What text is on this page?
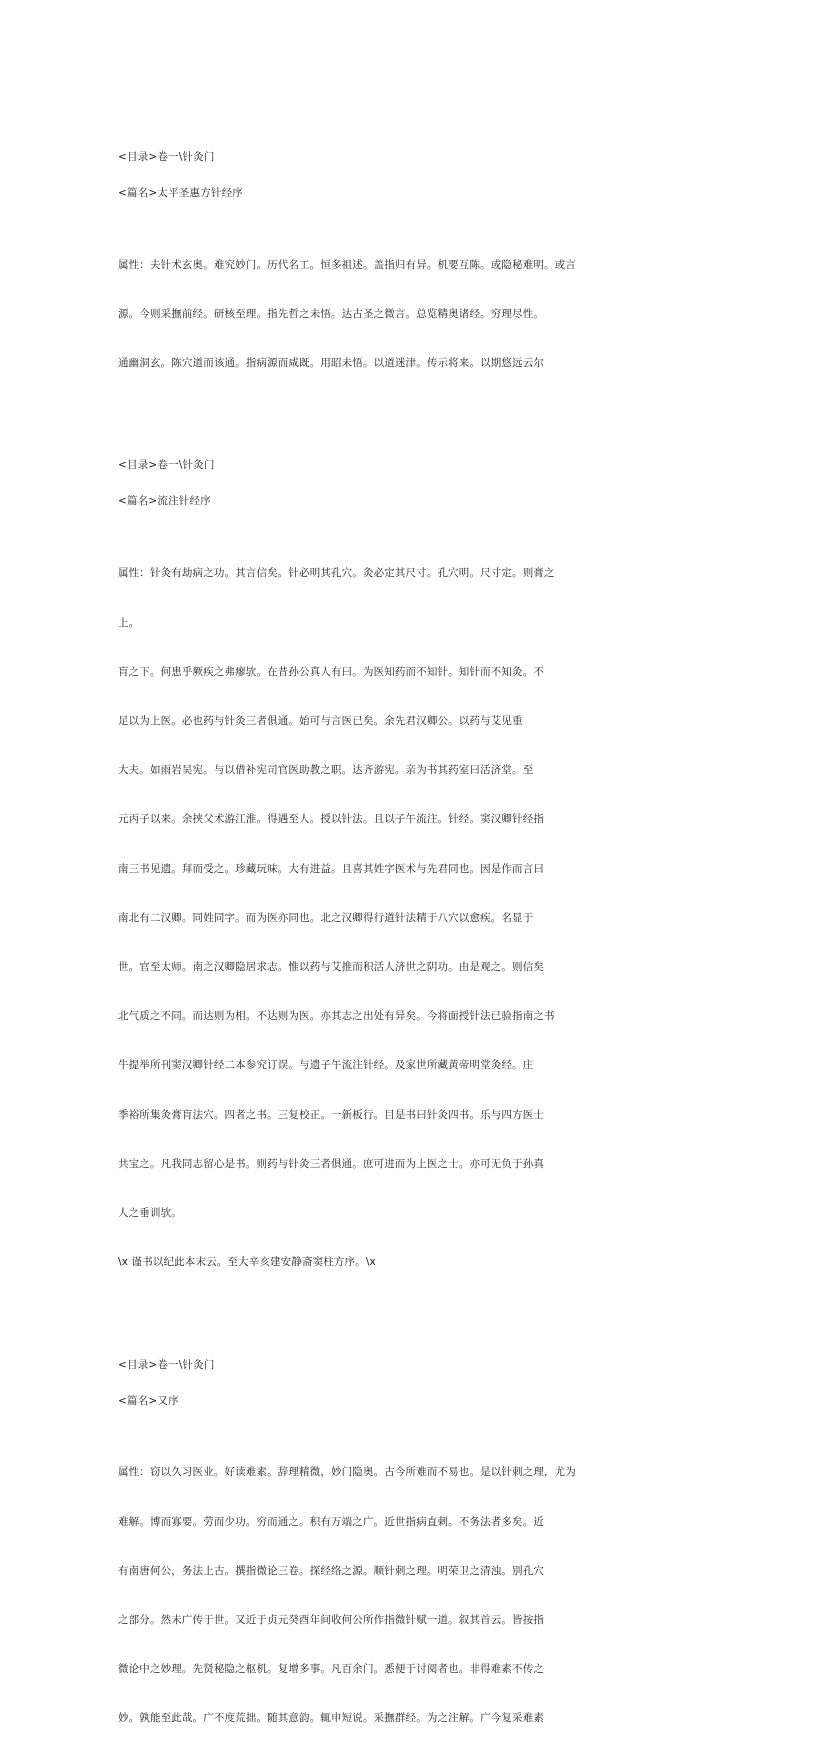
<目录>卷一\针灸门
<篇名>太平圣惠方针经序

属性：夫针术玄奥。难究妙门。历代名工。恒多祖述。盖指归有异。机要互陈。或隐秘难明。或言

源。今则采撫前经。研核至理。指先哲之未悟。达古圣之微言。总览精奥诸经。穷理尽性。

通幽洞玄。陈穴道而该通。指病源而咸既。用昭未悟。以道迷津。传示将来。以期悠远云尔

<目录>卷一\针灸门
<篇名>流注针经序

属性：针灸有劫病之功。其言信矣。针必明其孔穴。灸必定其尺寸。孔穴明。尺寸定。则膏之

上。

肓之下。何患乎厥疾之弗瘳欤。在昔孙公真人有曰。为医知药而不知针。知针而不知灸。不

足以为上医。必也药与针灸三者俱通。始可与言医已矣。余先君汉卿公。以药与艾见重

大夫。如雨岩吴宪。与以借补宪司官医助教之职。达齐游宪。亲为书其药室曰活济堂。至

元丙子以来。余挟父术游江淮。得遇至人。授以针法。且以子午流注。针经。窦汉卿针经指

南三书见遗。拜而受之。珍藏玩味。大有进益。且喜其姓字医术与先君同也。因是作而言曰

南北有二汉卿。同姓同字。而为医亦同也。北之汉卿得行道针法精于八穴以愈疾。名显于

世。官至太师。南之汉卿隐居求志。惟以药与艾推而积活人济世之阴功。由是观之。则信矣

北气质之不同。而达则为相。不达则为医。亦其志之出处有异矣。今将面授针法已验指南之书

牛提举所刊窦汉卿针经二本参究订误。与遗子午流注针经。及家世所藏黄帝明堂灸经。庄

季裕所集灸膏肓法穴。四者之书。三复校正。一新板行。目是书曰针灸四书。乐与四方医士

共宝之。凡我同志留心是书。则药与针灸三者俱通。庶可进而为上医之士。亦可无负于孙真

人之垂训欤。

\x 谨书以纪此本末云。至大辛亥建安静斋窦柱方序。\x

<目录>卷一\针灸门
<篇名>又序

属性：窃以久习医业。好读难素。辞理精微，妙门隐奥。古今所难而不易也。是以针刺之理，尤为

难解。博而寡要。劳而少功。穷而通之。积有万端之广。近世指病直刺。不务法者多矣。近

有南唐何公，务法上古。撰指微论三卷。探经络之源。顺针刺之理。明荣卫之清浊。别孔穴

之部分。然未广传于世。又近于贞元癸酉年间收何公所作指微针赋一道。叙其首云。皆按指

微论中之妙理。先贤秘隐之枢机。复增多事。凡百余门。悉便于讨阅者也。非得难素不传之

妙。孰能至此哉。广不度荒拙。随其意韵。辄申短说。采撫群经。为之注解。广今复采难素
